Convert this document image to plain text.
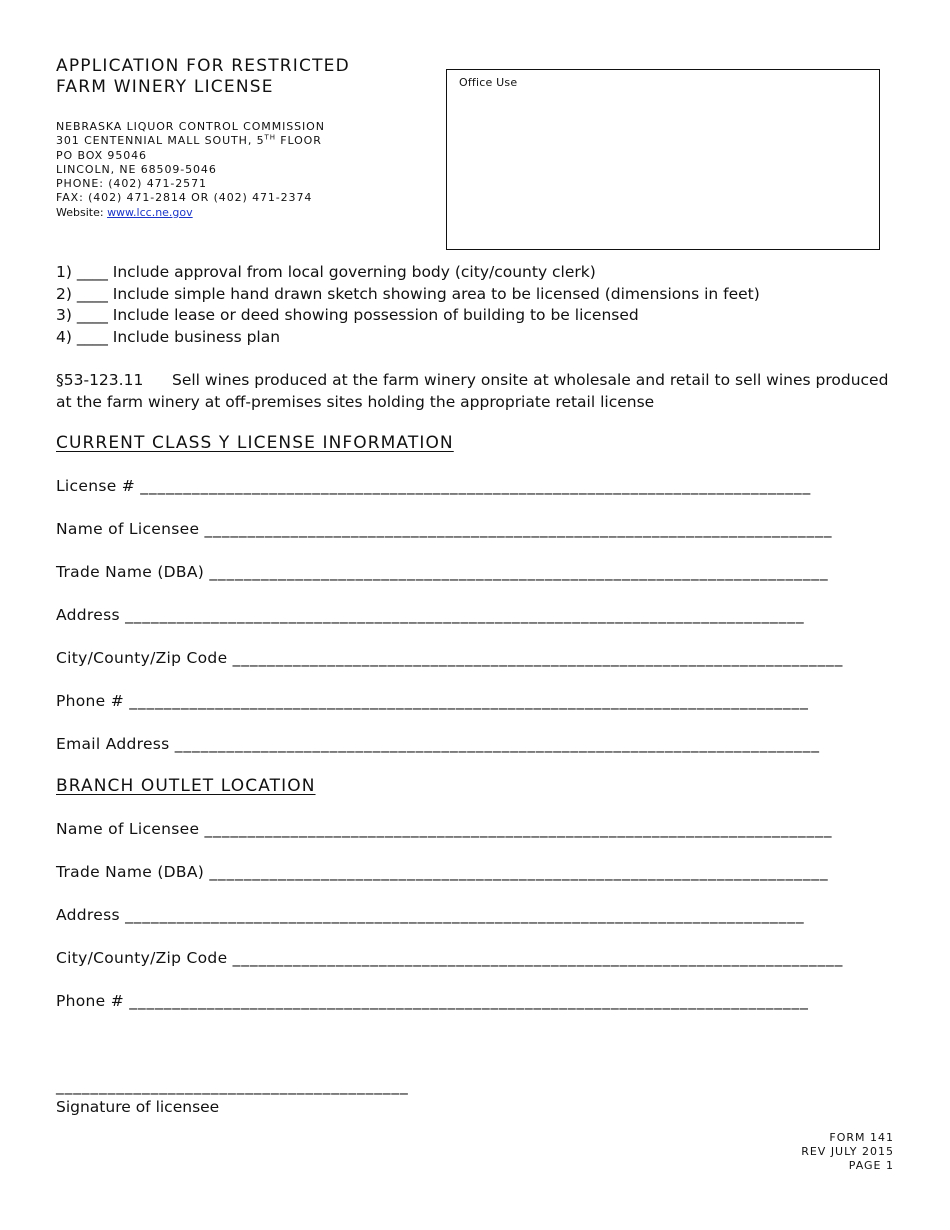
APPLICATION FOR RESTRICTED
FARM WINERY LICENSE
NEBRASKA LIQUOR CONTROL COMMISSION
301 CENTENNIAL MALL SOUTH, 5TH FLOOR
PO BOX 95046
LINCOLN, NE 68509-5046
PHONE: (402) 471-2571
FAX: (402) 471-2814 OR (402) 471-2374
Website: www.lcc.ne.gov
Office Use
1) ____ Include approval from local governing body (city/county clerk)
2) ____ Include simple hand drawn sketch showing area to be licensed (dimensions in feet)
3) ____ Include lease or deed showing possession of building to be licensed
4) ____ Include business plan
§53-123.11 Sell wines produced at the farm winery onsite at wholesale and retail to sell wines produced at the farm winery at off-premises sites holding the appropriate retail license
CURRENT CLASS Y LICENSE INFORMATION
License # ______________________________________________________________________________
Name of Licensee _________________________________________________________________________
Trade Name (DBA) ________________________________________________________________________
Address _______________________________________________________________________________
City/County/Zip Code _______________________________________________________________________
Phone # _______________________________________________________________________________
Email Address ___________________________________________________________________________
BRANCH OUTLET LOCATION
Name of Licensee _________________________________________________________________________
Trade Name (DBA) ________________________________________________________________________
Address _______________________________________________________________________________
City/County/Zip Code _______________________________________________________________________
Phone # _______________________________________________________________________________
_________________________________________
Signature of licensee
FORM 141
REV JULY 2015
PAGE 1
